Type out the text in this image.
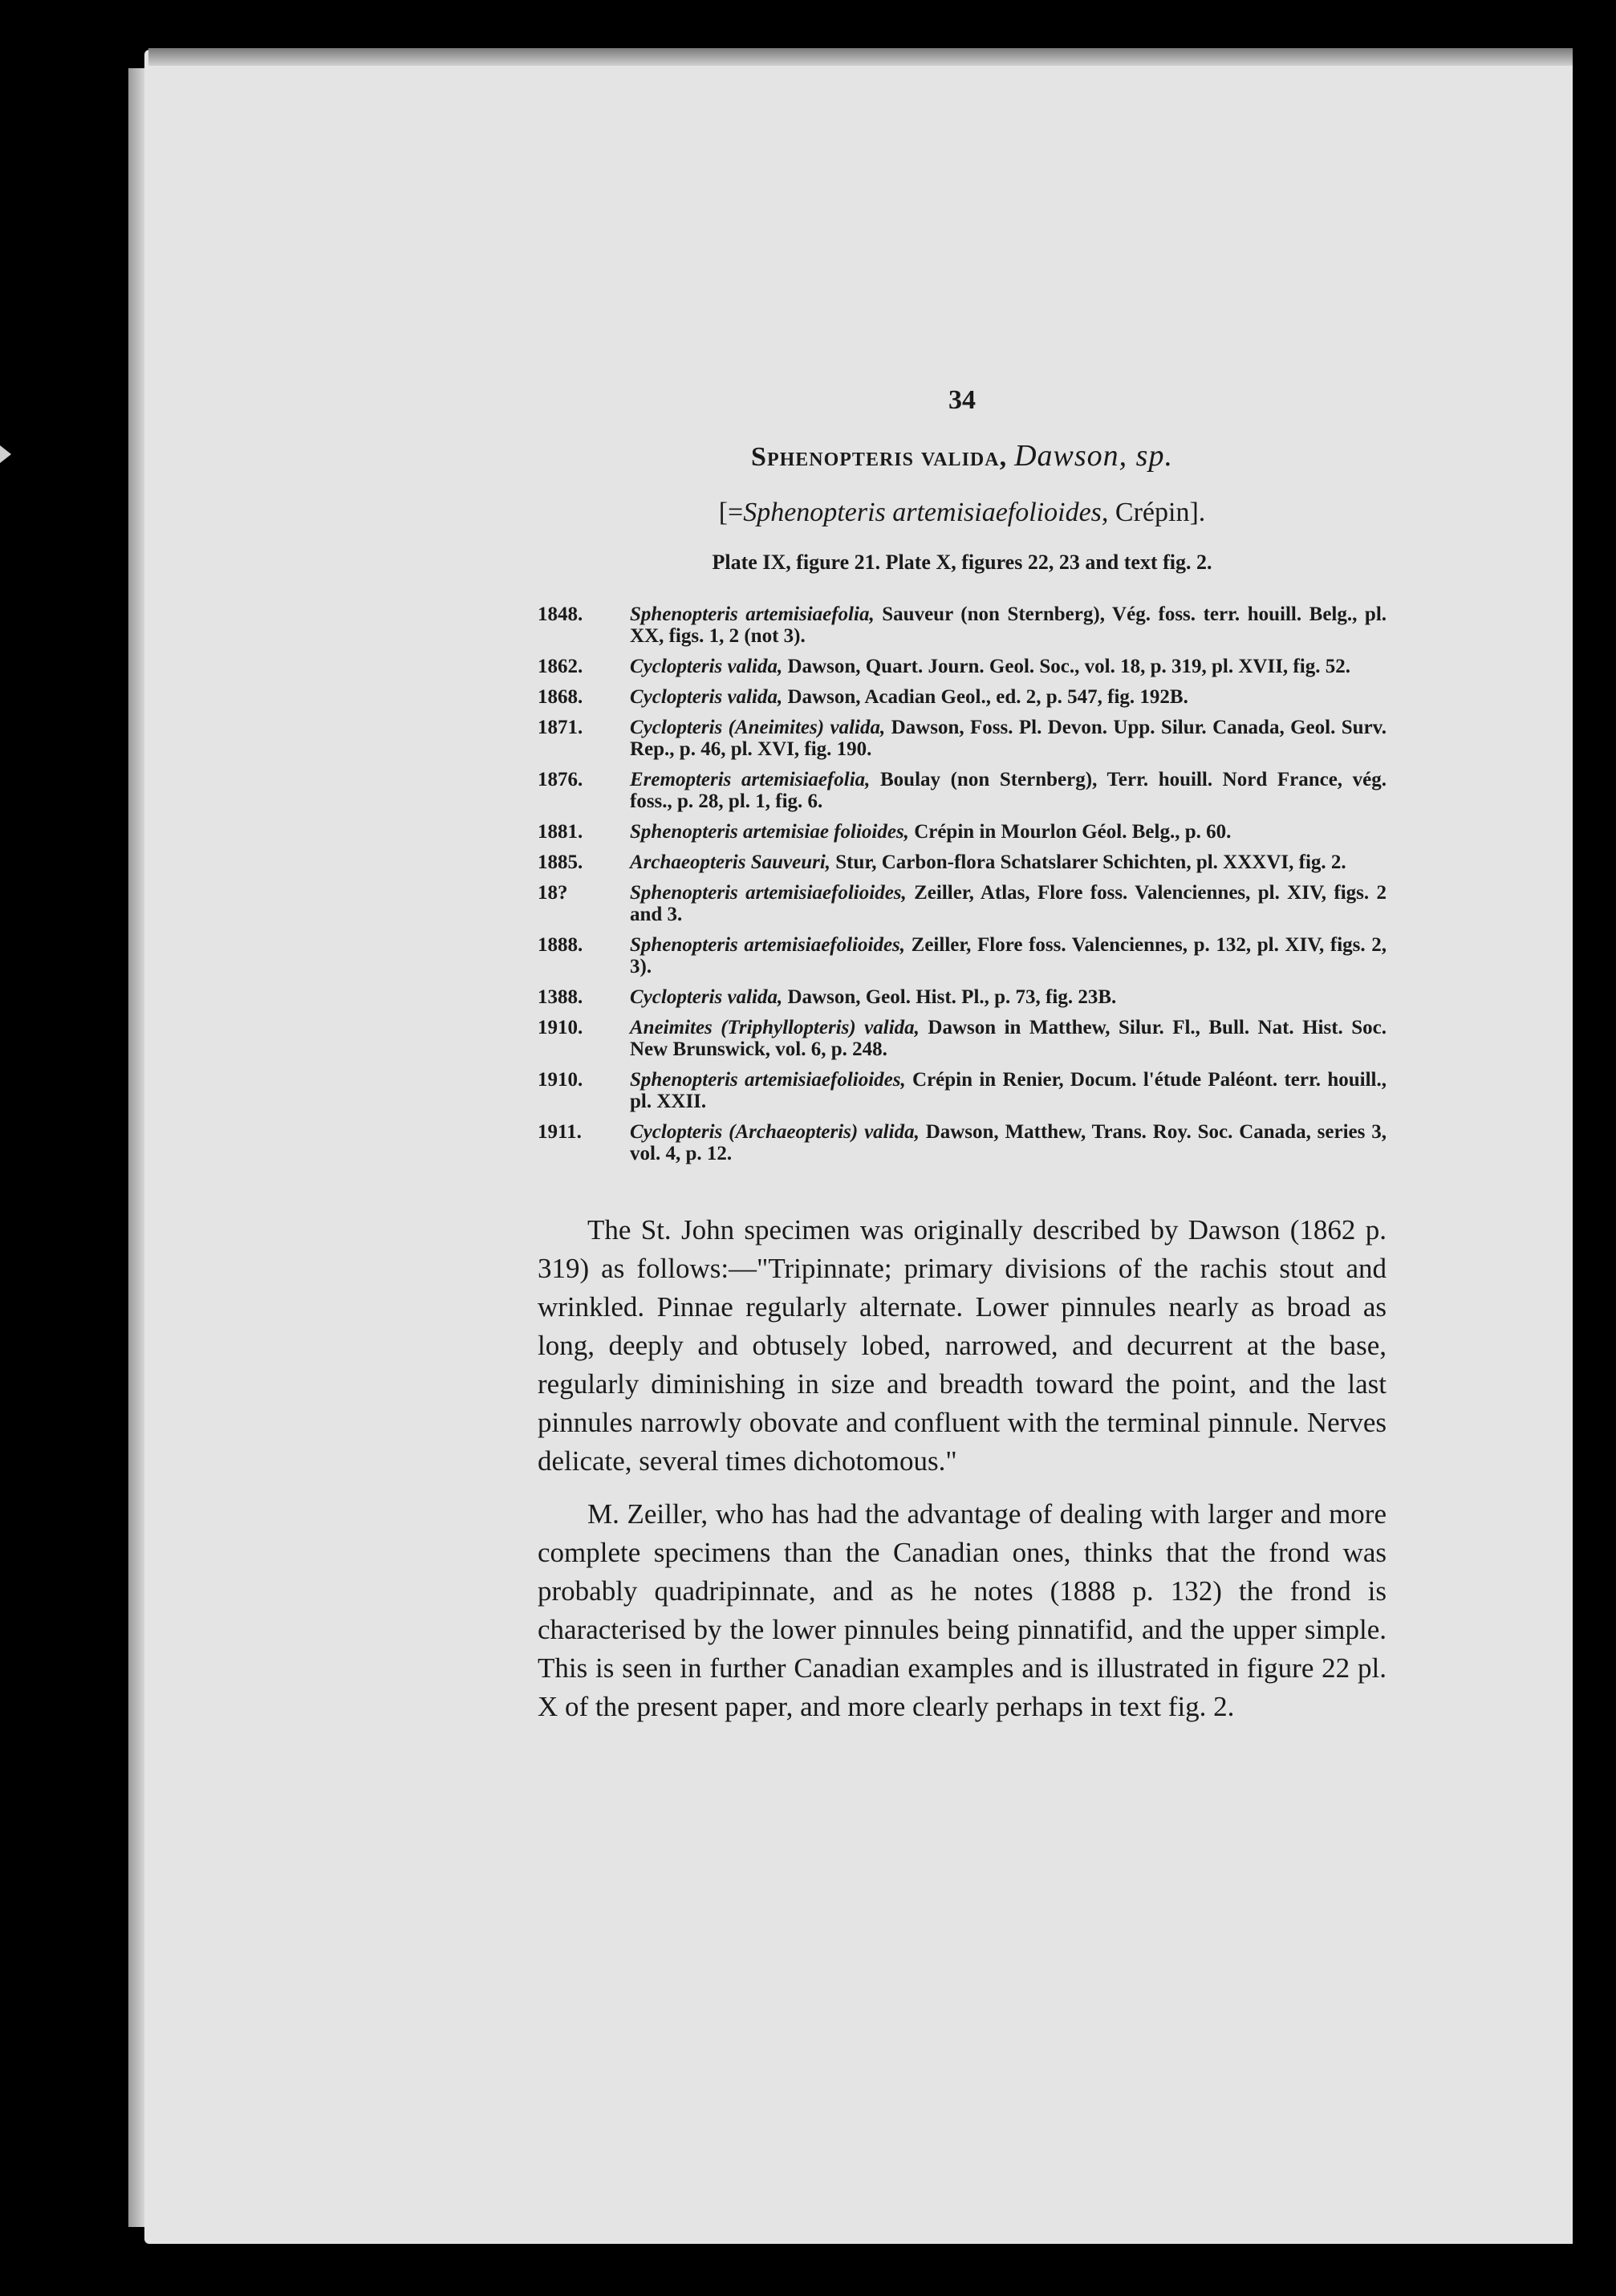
34
Sphenopteris valida, Dawson, sp.
[=Sphenopteris artemisiaefolioides, Crépin].
Plate IX, figure 21. Plate X, figures 22, 23 and text fig. 2.
1848.	Sphenopteris artemisiaefolia, Sauveur (non Sternberg), Vég. foss. terr. houill. Belg., pl. XX, figs. 1, 2 (not 3).
1862.	Cyclopteris valida, Dawson, Quart. Journ. Geol. Soc., vol. 18, p. 319, pl. XVII, fig. 52.
1868.	Cyclopteris valida, Dawson, Acadian Geol., ed. 2, p. 547, fig. 192B.
1871.	Cyclopteris (Aneimites) valida, Dawson, Foss. Pl. Devon. Upp. Silur. Canada, Geol. Surv. Rep., p. 46, pl. XVI, fig. 190.
1876.	Eremopteris artemisiaefolia, Boulay (non Sternberg), Terr. houill. Nord France, vég. foss., p. 28, pl. 1, fig. 6.
1881.	Sphenopteris artemisiae folioides, Crépin in Mourlon Géol. Belg., p. 60.
1885.	Archaeopteris Sauveuri, Stur, Carbon-flora Schatslarer Schichten, pl. XXXVI, fig. 2.
18?	Sphenopteris artemisiaefolioides, Zeiller, Atlas, Flore foss. Valenciennes, pl. XIV, figs. 2 and 3.
1888.	Sphenopteris artemisiaefolioides, Zeiller, Flore foss. Valenciennes, p. 132, pl. XIV, figs. 2, 3).
1388.	Cyclopteris valida, Dawson, Geol. Hist. Pl., p. 73, fig. 23B.
1910.	Aneimites (Triphyllopteris) valida, Dawson in Matthew, Silur. Fl., Bull. Nat. Hist. Soc. New Brunswick, vol. 6, p. 248.
1910.	Sphenopteris artemisiaefolioides, Crépin in Renier, Docum. l'étude Paléont. terr. houill., pl. XXII.
1911.	Cyclopteris (Archaeopteris) valida, Dawson, Matthew, Trans. Roy. Soc. Canada, series 3, vol. 4, p. 12.

The St. John specimen was originally described by Dawson (1862 p. 319) as follows:—"Tripinnate; primary divisions of the rachis stout and wrinkled. Pinnae regularly alternate. Lower pinnules nearly as broad as long, deeply and obtusely lobed, narrowed, and decurrent at the base, regularly diminishing in size and breadth toward the point, and the last pinnules narrowly obovate and confluent with the terminal pinnule. Nerves delicate, several times dichotomous."

M. Zeiller, who has had the advantage of dealing with larger and more complete specimens than the Canadian ones, thinks that the frond was probably quadripinnate, and as he notes (1888 p. 132) the frond is characterised by the lower pinnules being pinnatifid, and the upper simple. This is seen in further Canadian examples and is illustrated in figure 22 pl. X of the present paper, and more clearly perhaps in text fig. 2.
